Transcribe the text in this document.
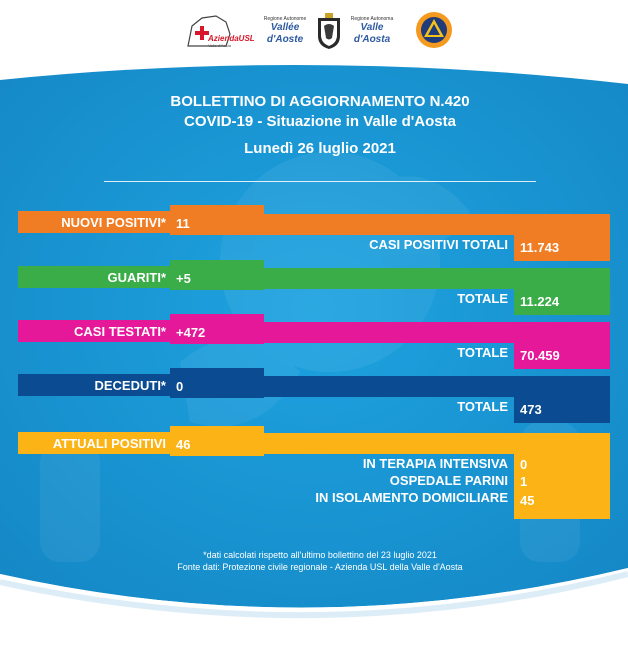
AziendaUSL
Valle d'Aosta
Regione Autonome
Vallée d'Aoste
Regione Autonoma
Valle d'Aosta
BOLLETTINO DI AGGIORNAMENTO N.420
COVID-19 - Situazione in Valle d'Aosta
Lunedì 26 luglio 2021
NUOVI POSITIVI* 11
CASI POSITIVI TOTALI 11.743
GUARITI* +5
TOTALE 11.224
CASI TESTATI* +472
TOTALE 70.459
DECEDUTI* 0
TOTALE 473
ATTUALI POSITIVI 46
IN TERAPIA INTENSIVA 0
OSPEDALE PARINI 1
IN ISOLAMENTO DOMICILIARE 45
*dati calcolati rispetto all'ultimo bollettino del 23 luglio 2021
Fonte dati: Protezione civile regionale - Azienda USL della Valle d'Aosta
